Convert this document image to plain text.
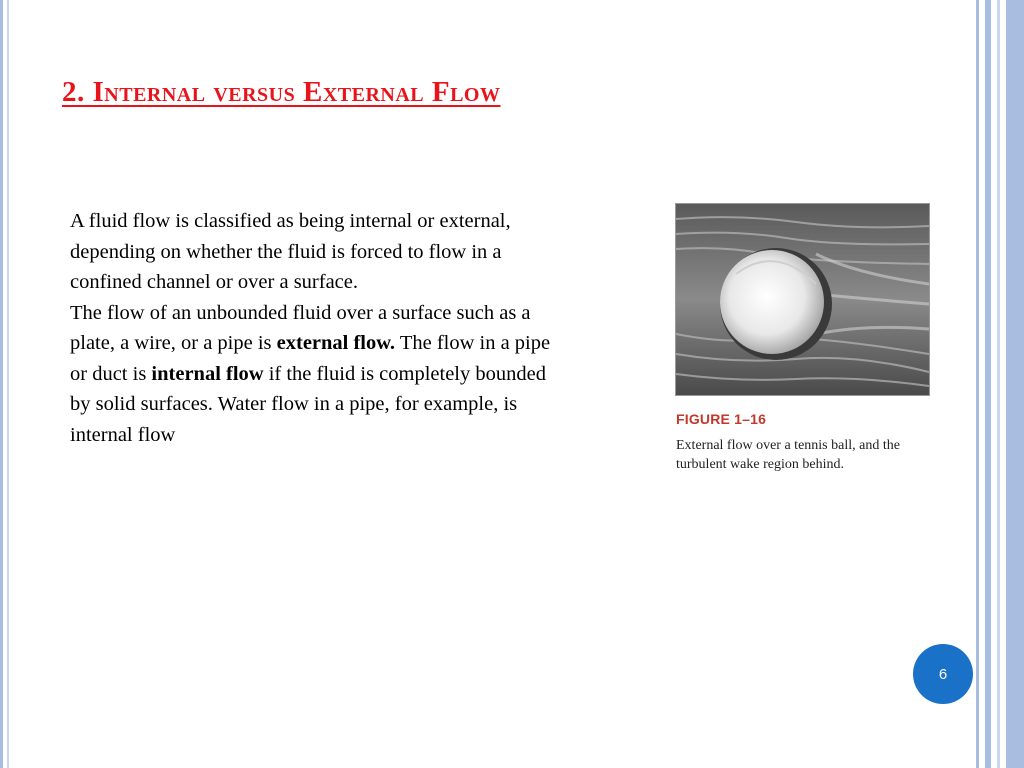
2. Internal versus External Flow

A fluid flow is classified as being internal or external, depending on whether the fluid is forced to flow in a confined channel or over a surface.

The flow of an unbounded fluid over a surface such as a plate, a wire, or a pipe is external flow. The flow in a pipe or duct is internal flow if the fluid is completely bounded by solid surfaces. Water flow in a pipe, for example, is internal flow

FIGURE 1–16
External flow over a tennis ball, and the turbulent wake region behind.
6
